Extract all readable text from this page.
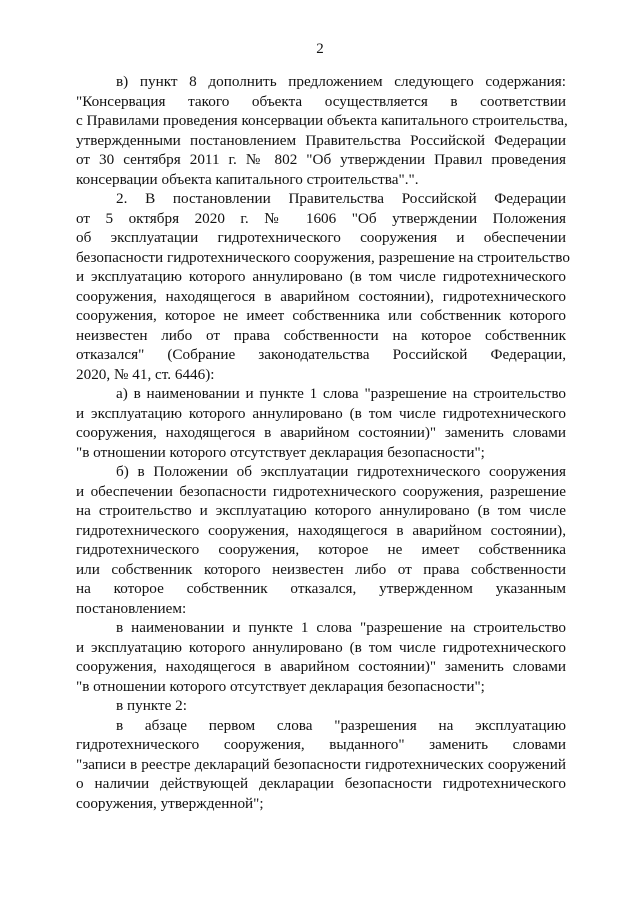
2
в) пункт 8 дополнить предложением следующего содержания:
"Консервация такого объекта осуществляется в соответствии
с Правилами проведения консервации объекта капитального строительства,
утвержденными постановлением Правительства Российской Федерации
от 30 сентября 2011 г. № 802 "Об утверждении Правил проведения
консервации объекта капитального строительства".".
2. В постановлении Правительства Российской Федерации
от 5 октября 2020 г. № 1606 "Об утверждении Положения
об эксплуатации гидротехнического сооружения и обеспечении
безопасности гидротехнического сооружения, разрешение на строительство
и эксплуатацию которого аннулировано (в том числе гидротехнического
сооружения, находящегося в аварийном состоянии), гидротехнического
сооружения, которое не имеет собственника или собственник которого
неизвестен либо от права собственности на которое собственник
отказался" (Собрание законодательства Российской Федерации,
2020, № 41, ст. 6446):
а) в наименовании и пункте 1 слова "разрешение на строительство
и эксплуатацию которого аннулировано (в том числе гидротехнического
сооружения, находящегося в аварийном состоянии)" заменить словами
"в отношении которого отсутствует декларация безопасности";
б) в Положении об эксплуатации гидротехнического сооружения
и обеспечении безопасности гидротехнического сооружения, разрешение
на строительство и эксплуатацию которого аннулировано (в том числе
гидротехнического сооружения, находящегося в аварийном состоянии),
гидротехнического сооружения, которое не имеет собственника
или собственник которого неизвестен либо от права собственности
на которое собственник отказался, утвержденном указанным
постановлением:
в наименовании и пункте 1 слова "разрешение на строительство
и эксплуатацию которого аннулировано (в том числе гидротехнического
сооружения, находящегося в аварийном состоянии)" заменить словами
"в отношении которого отсутствует декларация безопасности";
в пункте 2:
в абзаце первом слова "разрешения на эксплуатацию
гидротехнического сооружения, выданного" заменить словами
"записи в реестре деклараций безопасности гидротехнических сооружений
о наличии действующей декларации безопасности гидротехнического
сооружения, утвержденной";
